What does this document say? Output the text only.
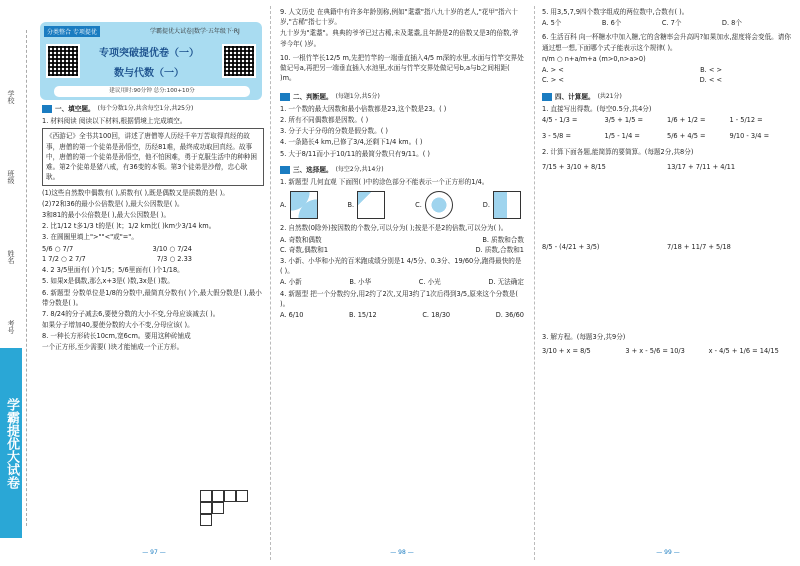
学校
班级
姓名
考号
学霸提优大试卷
分类整合 专项提优	学霸提优大试卷|数学·五年级下·RJ
专项突破提优卷（一）
数与代数（一）
建议用时:90分钟 总分:100+10分
一、填空题。 (每个分数1分,共含每空1分,共25分)
1. 材料阅读 阅读以下材料,根据情境上完成填空。
《西游记》全书共100回，讲述了唐僧等人历经千辛万苦取得真经的故事，唐僧的第一个徒弟是孙悟空，历经81难，最终成功取回真经。故事中，唐僧的第一个徒弟是孙悟空，他不怕困难，勇于克服生活中的种种困难。第2个徒弟是猪八戒，有36变的本领。第3个徒弟是沙僧，忠心耿耿。
(1)这些自然数中偶数有( ),质数有( ),既是偶数又是质数的是( )。
(2)72和36的最小公倍数是( ),最大公因数是( )。
3和81的最小公倍数是( ),最大公因数是( )。
2. 比1/12 t多1/3 t的是( )t；1/2 km比( )km少3/14 km。
3. 在圆圈里填上">""<"或"="。
5/6 ○ 7/7	3/10 ○ 7/24
1 7/2 ○ 2 7/7	7/3 ○ 2.33
4. 2 3/5里面有( )个1/5；5/6里面有( )个1/18。
5. 如果x是偶数,那么x+3是( )数,3x是( )数。
6. 新题型 分数单位是1/8的分数中,最简真分数有( )个,最大假分数是( ),最小带分数是( )。
7. 8/24的分子减去6,要使分数的大小不变,分母应该减去( )。
如果分子增加40,要使分数的大小不变,分母应该( )。
8. 一种长方形砖长10cm,宽6cm。要用这种砖铺成一个正方形,至少需要( )块才能铺成一个正方形。
— 97 —
9. 人文历史 在典籍中有许多年龄别称,例如"耄耋"指八九十岁的老人,"花甲"指六十岁,"古稀"指七十岁。
九十岁为"耄耋"。典典的爷爷已过古稀,未及耄耋,且年龄是2的倍数又是3的倍数,爷爷今年( )岁。
10. 一根竹竿长12/5 m,先把竹竿的一端垂直插入4/5 m深的水里,水面与竹竿交界处做记号a,再把另一端垂直插入水池里,水面与竹竿交界处做记号b,a与b之间相距( )m。
二、判断题。 (每题1分,共5分)
1. 一个数的最大因数和最小倍数都是23,这个数是23。( )
2. 所有不同偶数都是因数。( )
3. 分子大于分母的分数是假分数。( )
4. 一条路长4 km,已修了3/4,还剩下1/4 km。( )
5. 大于8/11而小于10/11的最简分数只有9/11。( )
三、选择题。 (每空2分,共14分)
1. 新题型 几何直观 下面图( )中的涂色部分不能表示一个正方形的1/4。
A.	B.	C.	D.
2. 自然数(0除外)按因数的个数分,可以分为( );按是不是2的倍数,可以分为( )。
A. 奇数和偶数	B. 质数和合数
C. 奇数,偶数和1	D. 质数,合数和1
3. 小新、小华和小光的百米跑成绩分别是1 4/5分、0.3分、19/60分,跑得最快的是( )。
A. 小新	B. 小华	C. 小光	D. 无法确定
4. 新题型 把一个分数约分,用2约了2次,又用3约了1次后得到3/5,原来这个分数是( )。
A. 6/10	B. 15/12	C. 18/30	D. 36/60
— 98 —
5. 用3,5,7,9四个数字组成的两位数中,合数有( )。
A. 5个	B. 6个	C. 7个	D. 8个
6. 生活百科 向一杯糖水中加入糖,它的含糖率会升高吗?如果加水,甜度将会变低。请你通过想一想,下面哪个式子能表示这个规律( )。
n/m ○ n+a/m+a (m>0,n>a>0)
A. > <	B. < >
C. > <	D. < <
四、计算题。 (共21分)
1. 直接写出得数。(每空0.5分,共4分)
4/5 - 1/3 =	3/5 + 1/5 =	1/6 + 1/2 =	1 - 5/12 =
3 - 5/8 =	1/5 - 1/4 =	5/6 + 4/5 =	9/10 - 3/4 =
2. 计算下面各题,能简算的要简算。(每题2分,共8分)
7/15 + 3/10 + 8/15	13/17 + 7/11 + 4/11
8/5 - (4/21 + 3/5)	7/18 + 11/7 + 5/18
3. 解方程。(每题3分,共9分)
3/10 + x = 8/5	3 + x - 5/6 = 10/3	x - 4/5 + 1/6 = 14/15
— 99 —
